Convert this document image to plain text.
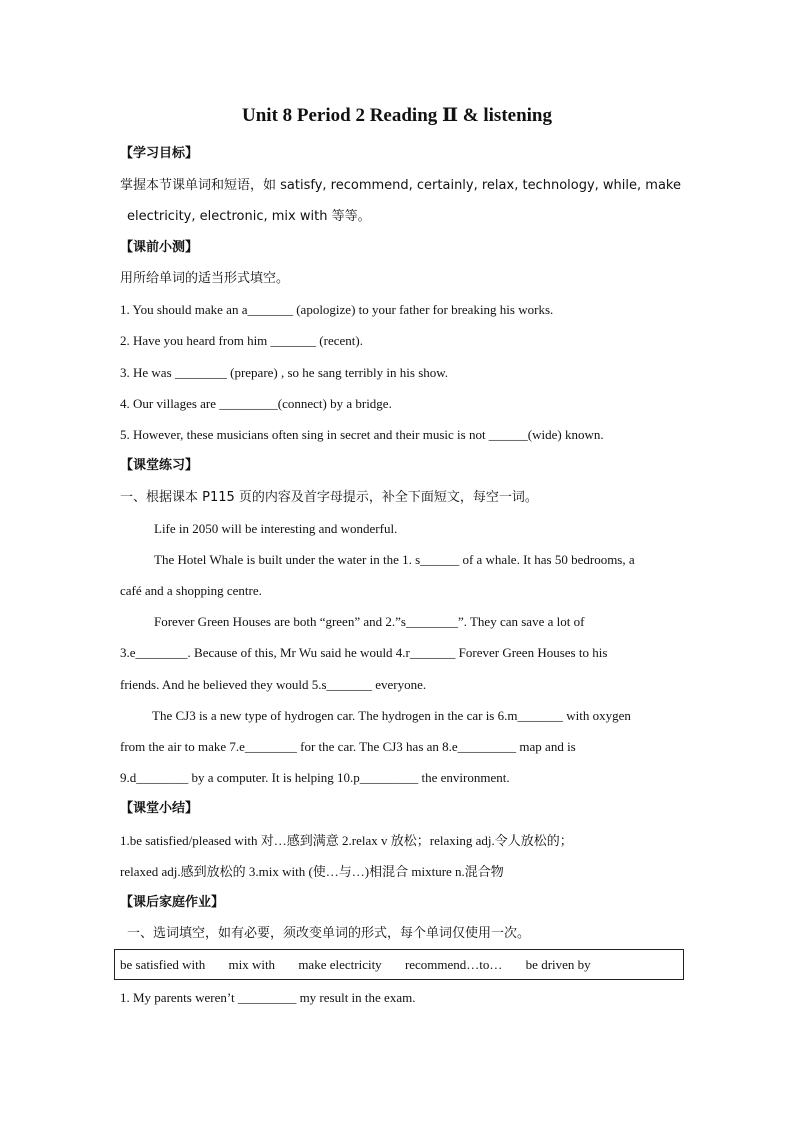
Unit 8 Period 2 Reading Ⅱ & listening
【学习目标】
掌握本节课单词和短语，如 satisfy, recommend, certainly, relax, technology, while, make
electricity, electronic, mix with 等等。
【课前小测】
用所给单词的适当形式填空。
1. You should make an a_______ (apologize) to your father for breaking his works.
2. Have you heard from him _______ (recent).
3. He was ________ (prepare) , so he sang terribly in his show.
4. Our villages are _________(connect) by a bridge.
5. However, these musicians often sing in secret and their music is not ______(wide) known.
【课堂练习】
一、根据课本 P115 页的内容及首字母提示，补全下面短文，每空一词。
Life in 2050 will be interesting and wonderful.
The Hotel Whale is built under the water in the 1. s______ of a whale. It has 50 bedrooms, a
café and a shopping centre.
Forever Green Houses are both “green” and 2.”s________”. They can save a lot of
3.e________. Because of this, Mr Wu said he would 4.r_______ Forever Green Houses to his
friends. And he believed they would 5.s_______ everyone.
The CJ3 is a new type of hydrogen car. The hydrogen in the car is 6.m_______ with oxygen
from the air to make 7.e________ for the car. The CJ3 has an 8.e_________ map and is
9.d________ by a computer. It is helping 10.p_________ the environment.
【课堂小结】
1.be satisfied/pleased with 对…感到满意 2.relax v 放松；relaxing adj.令人放松的；
relaxed adj.感到放松的 3.mix with (使…与…)相混合 mixture n.混合物
【课后家庭作业】
一、选词填空，如有必要，须改变单词的形式，每个单词仅使用一次。
be satisfied with mix with make electricity recommend…to… be driven by
1. My parents weren’t _________ my result in the exam.
